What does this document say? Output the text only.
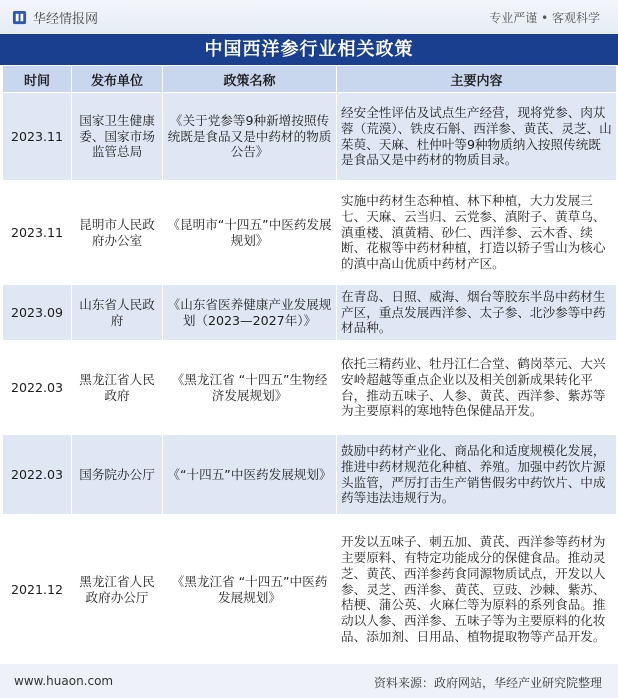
华经情报网	专业严谨 • 客观科学
中国西洋参行业相关政策
时间	发布单位	政策名称	主要内容
2023.11	国家卫生健康委、国家市场监管总局	《关于党参等9种新增按照传统既是食品又是中药材的物质公告》	经安全性评估及试点生产经营，现将党参、肉苁蓉（荒漠）、铁皮石斛、西洋参、黄芪、灵芝、山茱萸、天麻、杜仲叶等9种物质纳入按照传统既是食品又是中药材的物质目录。
2023.11	昆明市人民政府办公室	《昆明市“十四五”中医药发展规划》	实施中药材生态种植、林下种植，大力发展三七、天麻、云当归、云党参、滇附子、黄草乌、滇重楼、滇黄精、砂仁、西洋参、云木香、续断、花椒等中药材种植，打造以轿子雪山为核心的滇中高山优质中药材产区。
2023.09	山东省人民政府	《山东省医养健康产业发展规划（2023—2027年）》	在青岛、日照、威海、烟台等胶东半岛中药材生产区，重点发展西洋参、太子参、北沙参等中药材品种。
2022.03	黑龙江省人民政府	《黑龙江省 “十四五”生物经济发展规划》	依托三精药业、牡丹江仁合堂、鹤岗萃元、大兴安岭超越等重点企业以及相关创新成果转化平台，推动五味子、人参、黄芪、西洋参、紫苏等为主要原料的寒地特色保健品开发。
2022.03	国务院办公厅	《“十四五”中医药发展规划》	鼓励中药材产业化、商品化和适度规模化发展，推进中药材规范化种植、养殖。加强中药饮片源头监管，严厉打击生产销售假劣中药饮片、中成药等违法违规行为。
2021.12	黑龙江省人民政府办公厅	《黑龙江省 “十四五”中医药发展规划》	开发以五味子、刺五加、黄芪、西洋参等药材为主要原料、有特定功能成分的保健食品。推动灵芝、黄芪、西洋参药食同源物质试点，开发以人参、灵芝、西洋参、黄芪、豆豉、沙棘、紫苏、桔梗、蒲公英、火麻仁等为原料的系列食品。推动以人参、西洋参、五味子等为主要原料的化妆品、添加剂、日用品、植物提取物等产品开发。
www.huaon.com	资料来源：政府网站，华经产业研究院整理
